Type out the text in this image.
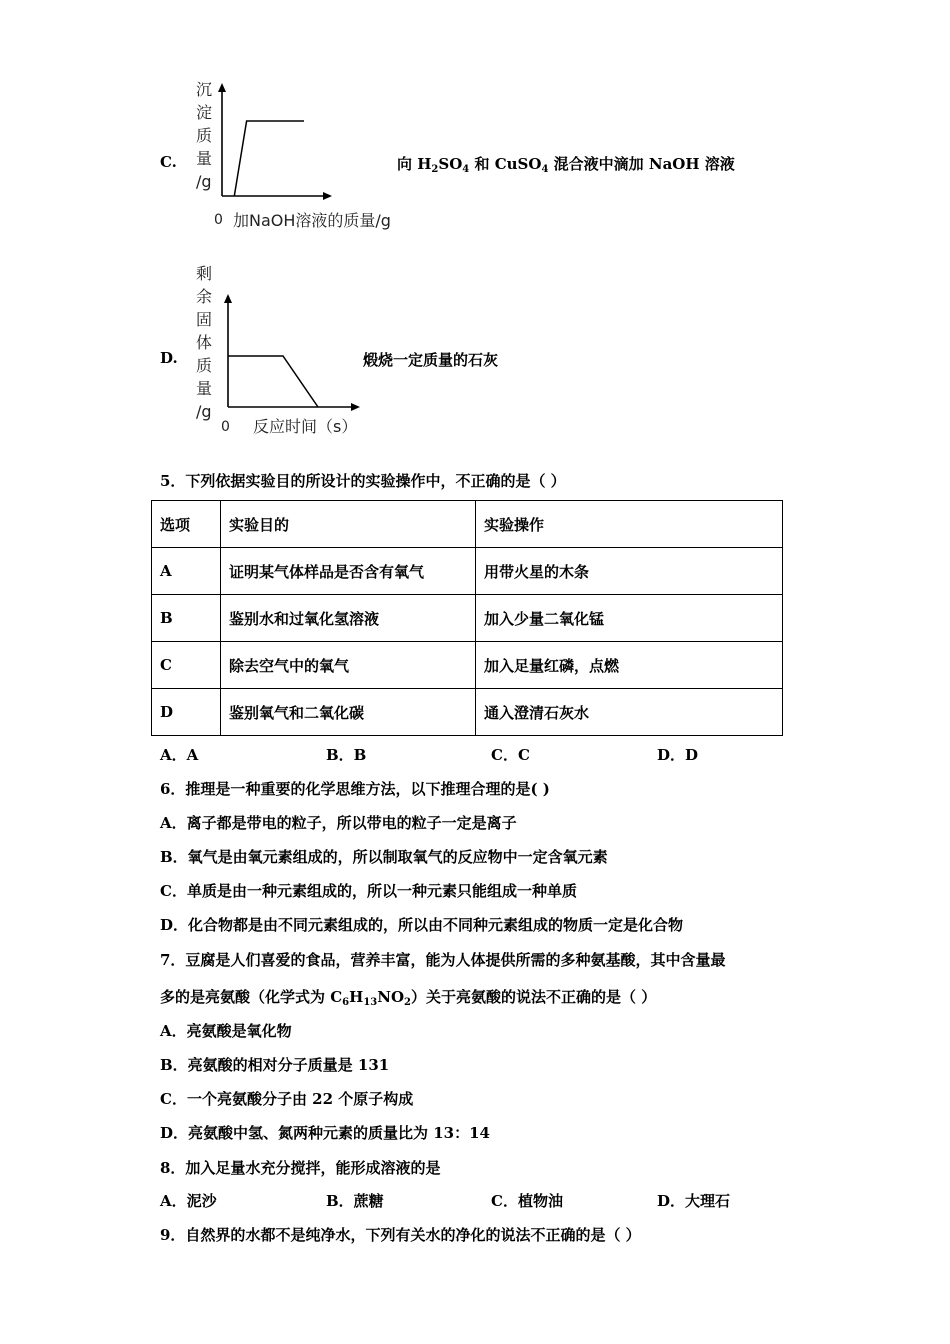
C.
沉
淀
质
量
/g
0 加NaOH溶液的质量/g
向 $H_2SO_4$ 和 CuSO$_4$ 混合液中滴加 NaOH 溶液
D.
剩
余
固
体
质
量
/g
0 反应时间（s）
煅烧一定质量的石灰
5．下列依据实验目的所设计的实验操作中，不正确的是（ ）
选项	实验目的	实验操作
A	证明某气体样品是否含有氧气	用带火星的木条
B	鉴别水和过氧化氢溶液	加入少量二氧化锰
C	除去空气中的氧气	加入足量红磷，点燃
D	鉴别氧气和二氧化碳	通入澄清石灰水
A．A	B．B	C．C	D．D
6．推理是一种重要的化学思维方法，以下推理合理的是( )
A．离子都是带电的粒子，所以带电的粒子一定是离子
B．氧气是由氧元素组成的，所以制取氧气的反应物中一定含氧元素
C．单质是由一种元素组成的，所以一种元素只能组成一种单质
D．化合物都是由不同元素组成的，所以由不同种元素组成的物质一定是化合物
7．豆腐是人们喜爱的食品，营养丰富，能为人体提供所需的多种氨基酸，其中含量最
多的是亮氨酸（化学式为 $C_6H_{13}NO_2$）关于亮氨酸的说法不正确的是（ ）
A．亮氨酸是氧化物
B．亮氨酸的相对分子质量是 131
C．一个亮氨酸分子由 22 个原子构成
D．亮氨酸中氢、氮两种元素的质量比为 13：14
8．加入足量水充分搅拌，能形成溶液的是
A．泥沙	B．蔗糖	C．植物油	D．大理石
9．自然界的水都不是纯净水，下列有关水的净化的说法不正确的是（ ）
